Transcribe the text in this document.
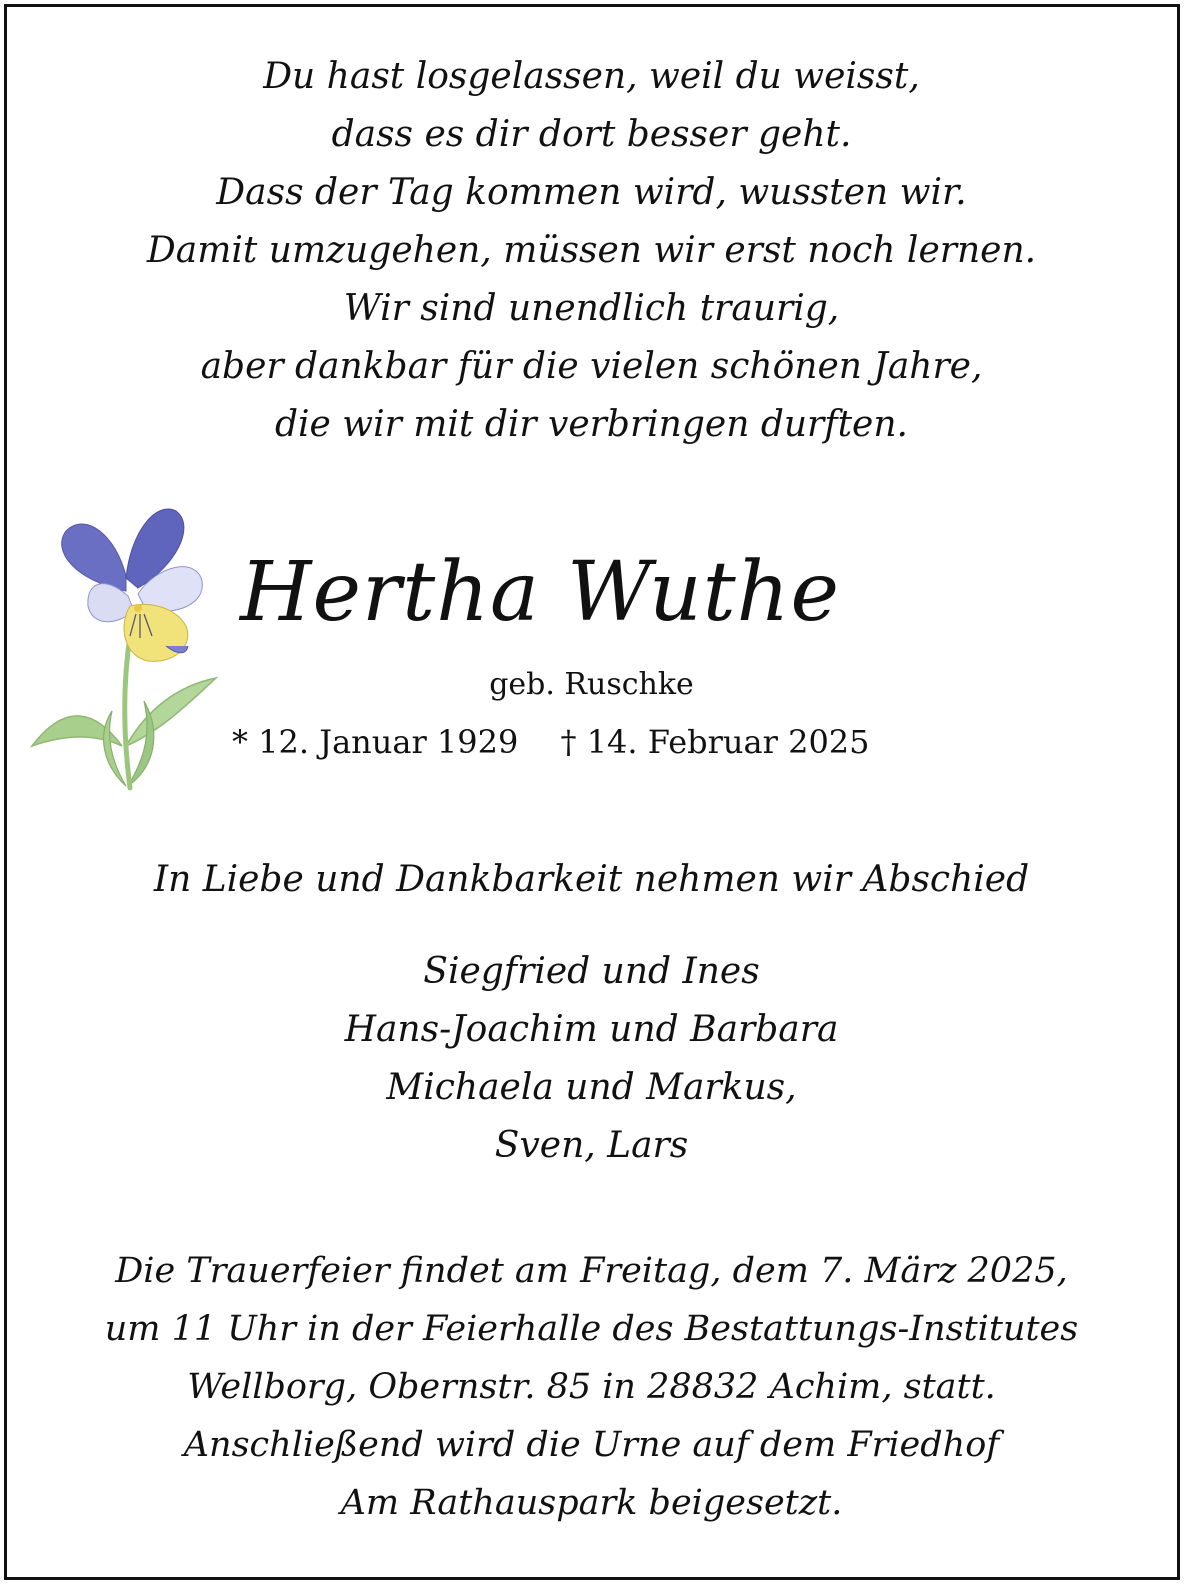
Du hast losgelassen, weil du weisst,
dass es dir dort besser geht.
Dass der Tag kommen wird, wussten wir.
Damit umzugehen, müssen wir erst noch lernen.
Wir sind unendlich traurig,
aber dankbar für die vielen schönen Jahre,
die wir mit dir verbringen durften.
Hertha Wuthe
geb. Ruschke
* 12. Januar 1929 † 14. Februar 2025
In Liebe und Dankbarkeit nehmen wir Abschied
Siegfried und Ines
Hans-Joachim und Barbara
Michaela und Markus,
Sven, Lars
Die Trauerfeier findet am Freitag, dem 7. März 2025,
um 11 Uhr in der Feierhalle des Bestattungs-Institutes
Wellborg, Obernstr. 85 in 28832 Achim, statt.
Anschließend wird die Urne auf dem Friedhof
Am Rathauspark beigesetzt.
